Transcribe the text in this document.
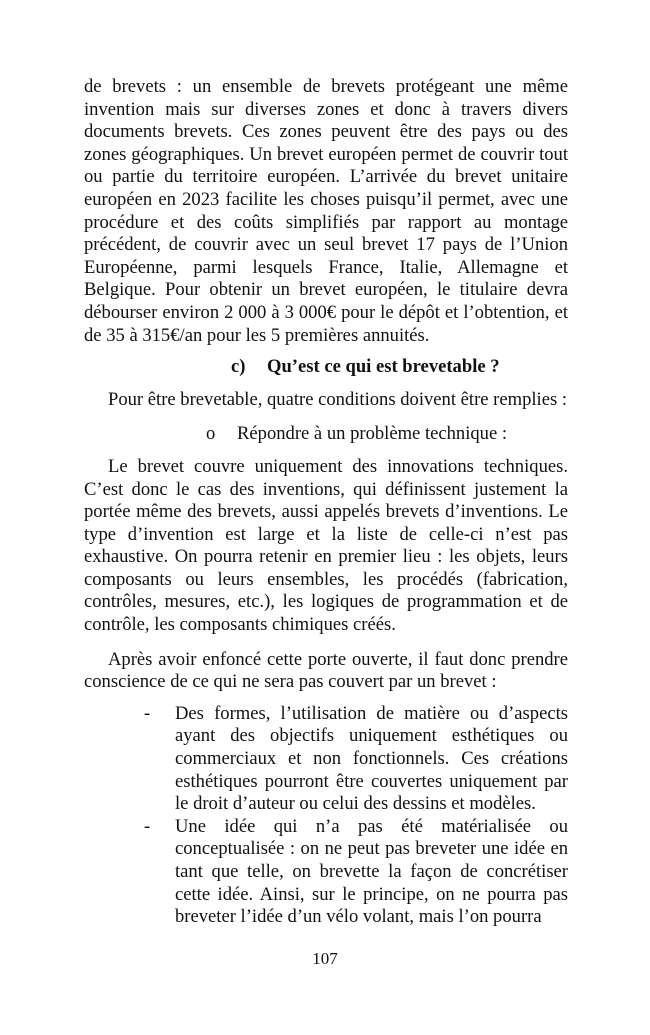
de brevets : un ensemble de brevets protégeant une même invention mais sur diverses zones et donc à travers divers documents brevets. Ces zones peuvent être des pays ou des zones géographiques. Un brevet européen permet de couvrir tout ou partie du territoire européen. L’arrivée du brevet unitaire européen en 2023 facilite les choses puisqu’il permet, avec une procédure et des coûts simplifiés par rapport au montage précédent, de couvrir avec un seul brevet 17 pays de l’Union Européenne, parmi lesquels France, Italie, Allemagne et Belgique. Pour obtenir un brevet européen, le titulaire devra débourser environ 2 000 à 3 000€ pour le dépôt et l’obtention, et de 35 à 315€/an pour les 5 premières annuités.

c) Qu’est ce qui est brevetable ?

Pour être brevetable, quatre conditions doivent être remplies :

o Répondre à un problème technique :

Le brevet couvre uniquement des innovations techniques. C’est donc le cas des inventions, qui définissent justement la portée même des brevets, aussi appelés brevets d’inventions. Le type d’invention est large et la liste de celle-ci n’est pas exhaustive. On pourra retenir en premier lieu : les objets, leurs composants ou leurs ensembles, les procédés (fabrication, contrôles, mesures, etc.), les logiques de programmation et de contrôle, les composants chimiques créés.

Après avoir enfoncé cette porte ouverte, il faut donc prendre conscience de ce qui ne sera pas couvert par un brevet :

- Des formes, l’utilisation de matière ou d’aspects ayant des objectifs uniquement esthétiques ou commerciaux et non fonctionnels. Ces créations esthétiques pourront être couvertes uniquement par le droit d’auteur ou celui des dessins et modèles.
- Une idée qui n’a pas été matérialisée ou conceptualisée : on ne peut pas breveter une idée en tant que telle, on brevette la façon de concrétiser cette idée. Ainsi, sur le principe, on ne pourra pas breveter l’idée d’un vélo volant, mais l’on pourra
107
